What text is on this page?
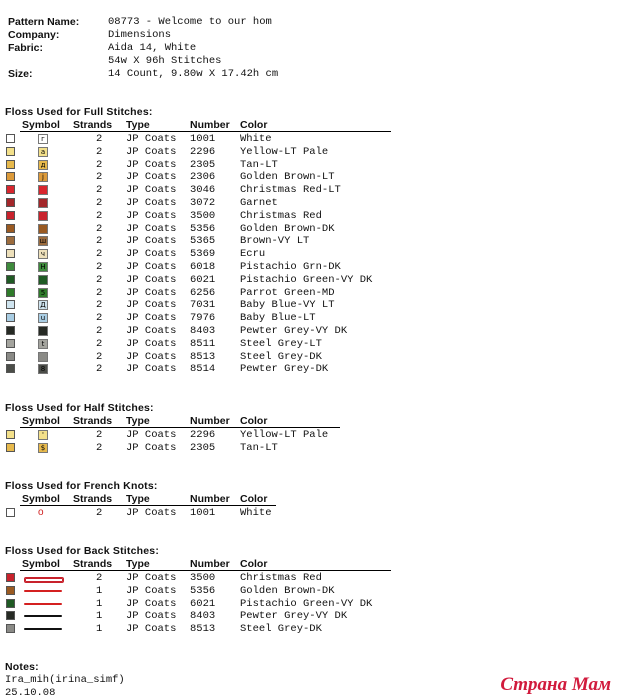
Pattern Name:	08773 - Welcome to our hom
Company:	Dimensions
Fabric:	Aida 14, White
54w X 96h Stitches
Size:	14 Count, 9.80w X 17.42h cm
Floss Used for Full Stitches:
Symbol Strands Type	Number Color
г	2 JP Coats 1001 White
а	2 JP Coats 2296 Yellow-LT Pale
д	2 JP Coats 2305 Tan-LT
j	2 JP Coats 2306 Golden Brown-LT
2 JP Coats 3046 Christmas Red-LT
2 JP Coats 3072 Garnet
2 JP Coats 3500 Christmas Red
2 JP Coats 5356 Golden Brown-DK
ш	2 JP Coats 5365 Brown-VY LT
ч	2 JP Coats 5369 Ecru
Н	2 JP Coats 6018 Pistachio Grn-DK
2 JP Coats 6021 Pistachio Green-VY DK
5	2 JP Coats 6256 Parrot Green-MD
Д	2 JP Coats 7031 Baby Blue-VY LT
u	2 JP Coats 7976 Baby Blue-LT
2 JP Coats 8403 Pewter Grey-VY DK
t	2 JP Coats 8511 Steel Grey-LT
2 JP Coats 8513 Steel Grey-DK
8	2 JP Coats 8514 Pewter Grey-DK
Floss Used for Half Stitches:
Symbol Strands Type	Number Color
'	2 JP Coats 2296 Yellow-LT Pale
$	2 JP Coats 2305 Tan-LT
Floss Used for French Knots:
Symbol Strands Type	Number Color
o	2 JP Coats 1001 White
Floss Used for Back Stitches:
Symbol Strands Type	Number Color
2 JP Coats 3500 Christmas Red
1 JP Coats 5356 Golden Brown-DK
1 JP Coats 6021 Pistachio Green-VY DK
1 JP Coats 8403 Pewter Grey-VY DK
1 JP Coats 8513 Steel Grey-DK
Notes:
Ira_mih(irina_simf)
25.10.08	Страна Мам
